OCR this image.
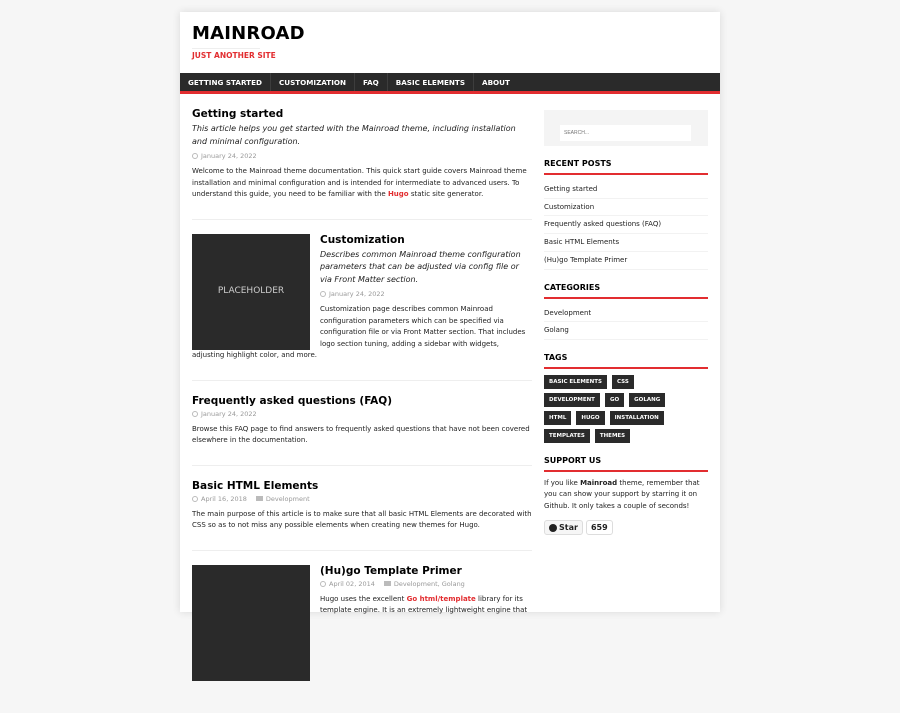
MAINROAD
JUST ANOTHER SITE
GETTING STARTED	CUSTOMIZATION	FAQ	BASIC ELEMENTS	ABOUT
Getting started
This article helps you get started with the Mainroad theme, including installation and minimal configuration.
January 24, 2022
Welcome to the Mainroad theme documentation. This quick start guide covers Mainroad theme installation and minimal configuration and is intended for intermediate to advanced users. To understand this guide, you need to be familiar with the Hugo static site generator.
PLACEHOLDER
Customization
Describes common Mainroad theme configuration parameters that can be adjusted via config file or via Front Matter section.
January 24, 2022
Customization page describes common Mainroad configuration parameters which can be specified via configuration file or via Front Matter section. That includes logo section tuning, adding a sidebar with widgets, adjusting highlight color, and more.
Frequently asked questions (FAQ)
January 24, 2022
Browse this FAQ page to find answers to frequently asked questions that have not been covered elsewhere in the documentation.
Basic HTML Elements
April 16, 2018	Development
The main purpose of this article is to make sure that all basic HTML Elements are decorated with CSS so as to not miss any possible elements when creating new themes for Hugo.
(Hu)go Template Primer
April 02, 2014	Development, Golang
Hugo uses the excellent Go html/template library for its template engine. It is an extremely lightweight engine that
SEARCH...
RECENT POSTS
Getting started
Customization
Frequently asked questions (FAQ)
Basic HTML Elements
(Hu)go Template Primer
CATEGORIES
Development
Golang
TAGS
BASIC ELEMENTS	CSS
DEVELOPMENT	GO	GOLANG
HTML	HUGO	INSTALLATION
TEMPLATES	THEMES
SUPPORT US
If you like Mainroad theme, remember that you can show your support by starring it on Github. It only takes a couple of seconds!
Star	659
